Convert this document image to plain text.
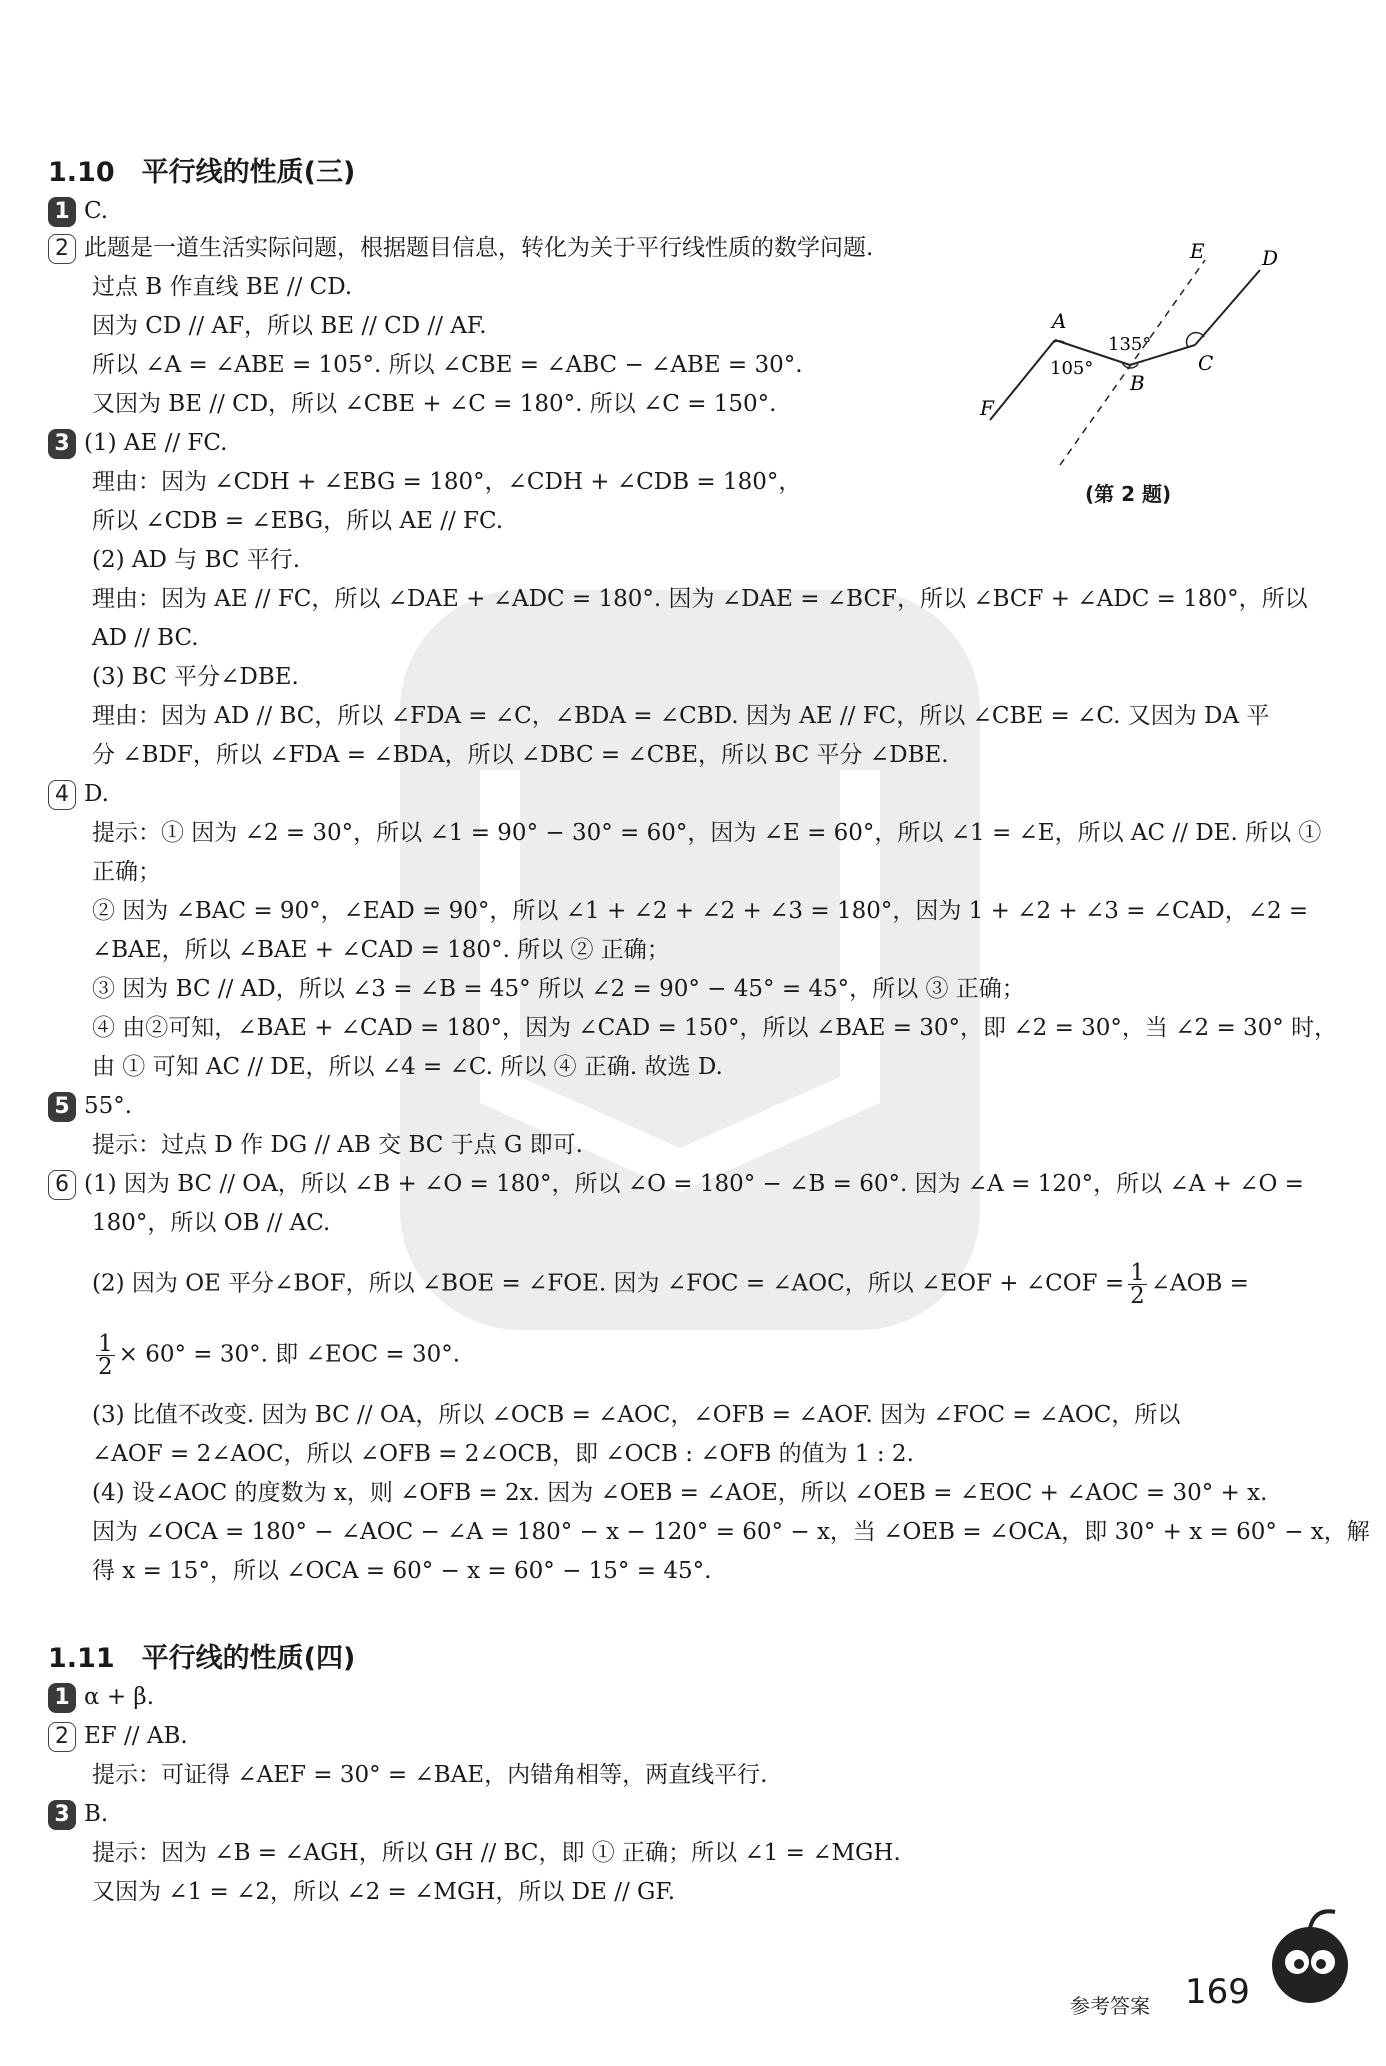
1.10　平行线的性质(三)
1 C.
2 此题是一道生活实际问题，根据题目信息，转化为关于平行线性质的数学问题.
过点 B 作直线 BE // CD.
因为 CD // AF，所以 BE // CD // AF.
所以 ∠A = ∠ABE = 105°. 所以 ∠CBE = ∠ABC − ∠ABE = 30°.
又因为 BE // CD，所以 ∠CBE + ∠C = 180°. 所以 ∠C = 150°.
A
B
C
D
E
F
105°
135°
(第 2 题)
3 (1) AE // FC.
理由：因为 ∠CDH + ∠EBG = 180°，∠CDH + ∠CDB = 180°，
所以 ∠CDB = ∠EBG，所以 AE // FC.
(2) AD 与 BC 平行.
理由：因为 AE // FC，所以 ∠DAE + ∠ADC = 180°. 因为 ∠DAE = ∠BCF，所以 ∠BCF + ∠ADC = 180°，所以
AD // BC.
(3) BC 平分∠DBE.
理由：因为 AD // BC，所以 ∠FDA = ∠C，∠BDA = ∠CBD. 因为 AE // FC，所以 ∠CBE = ∠C. 又因为 DA 平
分 ∠BDF，所以 ∠FDA = ∠BDA，所以 ∠DBC = ∠CBE，所以 BC 平分 ∠DBE.
4 D.
提示：① 因为 ∠2 = 30°，所以 ∠1 = 90° − 30° = 60°，因为 ∠E = 60°，所以 ∠1 = ∠E，所以 AC // DE. 所以 ①
正确；
② 因为 ∠BAC = 90°，∠EAD = 90°，所以 ∠1 + ∠2 + ∠2 + ∠3 = 180°，因为 1 + ∠2 + ∠3 = ∠CAD，∠2 =
∠BAE，所以 ∠BAE + ∠CAD = 180°. 所以 ② 正确；
③ 因为 BC // AD，所以 ∠3 = ∠B = 45° 所以 ∠2 = 90° − 45° = 45°，所以 ③ 正确；
④ 由②可知，∠BAE + ∠CAD = 180°，因为 ∠CAD = 150°，所以 ∠BAE = 30°，即 ∠2 = 30°，当 ∠2 = 30° 时，
由 ① 可知 AC // DE，所以 ∠4 = ∠C. 所以 ④ 正确. 故选 D.
5 55°.
提示：过点 D 作 DG // AB 交 BC 于点 G 即可.
6 (1) 因为 BC // OA，所以 ∠B + ∠O = 180°，所以 ∠O = 180° − ∠B = 60°. 因为 ∠A = 120°，所以 ∠A + ∠O =
180°，所以 OB // AC.
(2) 因为 OE 平分∠BOF，所以 ∠BOE = ∠FOE. 因为 ∠FOC = ∠AOC，所以 ∠EOF + ∠COF = $\frac{1}{2}$ ∠AOB =
$\frac{1}{2} \times 60^\circ = 30^\circ$. 即 ∠EOC = 30°.
(3) 比值不改变. 因为 BC // OA，所以 ∠OCB = ∠AOC，∠OFB = ∠AOF. 因为 ∠FOC = ∠AOC，所以
∠AOF = 2∠AOC，所以 ∠OFB = 2∠OCB，即 ∠OCB : ∠OFB 的值为 1 : 2.
(4) 设∠AOC 的度数为 x，则 ∠OFB = 2x. 因为 ∠OEB = ∠AOE，所以 ∠OEB = ∠EOC + ∠AOC = 30° + x.
因为 ∠OCA = 180° − ∠AOC − ∠A = 180° − x − 120° = 60° − x，当 ∠OEB = ∠OCA，即 30° + x = 60° − x，解
得 x = 15°，所以 ∠OCA = 60° − x = 60° − 15° = 45°.
1.11　平行线的性质(四)
1 α + β.
2 EF // AB.
提示：可证得 ∠AEF = 30° = ∠BAE，内错角相等，两直线平行.
3 B.
提示：因为 ∠B = ∠AGH，所以 GH // BC，即 ① 正确；所以 ∠1 = ∠MGH.
又因为 ∠1 = ∠2，所以 ∠2 = ∠MGH，所以 DE // GF.
参考答案 169
